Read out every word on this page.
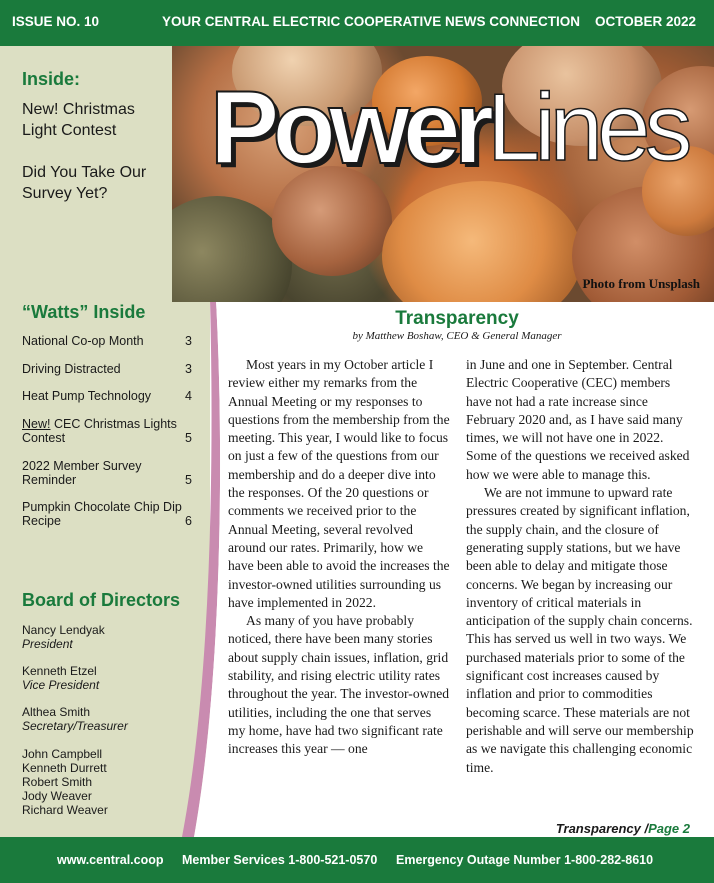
ISSUE NO. 10	YOUR CENTRAL ELECTRIC COOPERATIVE NEWS CONNECTION OCTOBER 2022
Power Lines
Photo from Unsplash
Inside:
New! Christmas Light Contest
Did You Take Our Survey Yet?
“Watts” Inside
National Co-op Month	3
Driving Distracted	3
Heat Pump Technology	4
New! CEC Christmas Lights Contest	5
2022 Member Survey Reminder	5
Pumpkin Chocolate Chip Dip Recipe	6
Board of Directors
Nancy Lendyak
President
Kenneth Etzel
Vice President
Althea Smith
Secretary/Treasurer
John Campbell
Kenneth Durrett
Robert Smith
Jody Weaver
Richard Weaver
Transparency
by Matthew Boshaw, CEO & General Manager

Most years in my October article I review either my remarks from the Annual Meeting or my responses to questions from the membership from the meeting. This year, I would like to focus on just a few of the questions from our membership and do a deeper dive into the responses. Of the 20 questions or comments we received prior to the Annual Meeting, several revolved around our rates. Primarily, how we have been able to avoid the increases the investor-owned utilities surrounding us have implemented in 2022.

As many of you have probably noticed, there have been many stories about supply chain issues, inflation, grid stability, and rising electric utility rates throughout the year. The investor-owned utilities, including the one that serves my home, have had two significant rate increases this year — one

in June and one in September. Central Electric Cooperative (CEC) members have not had a rate increase since February 2020 and, as I have said many times, we will not have one in 2022. Some of the questions we received asked how we were able to manage this.

We are not immune to upward rate pressures created by significant inflation, the supply chain, and the closure of generating supply stations, but we have been able to delay and mitigate those concerns. We began by increasing our inventory of critical materials in anticipation of the supply chain concerns. This has served us well in two ways. We purchased materials prior to some of the significant cost increases caused by inflation and prior to commodities becoming scarce. These materials are not perishable and will serve our membership as we navigate this challenging economic time.

Transparency /Page 2
www.central.coop Member Services 1-800-521-0570 Emergency Outage Number 1-800-282-8610
